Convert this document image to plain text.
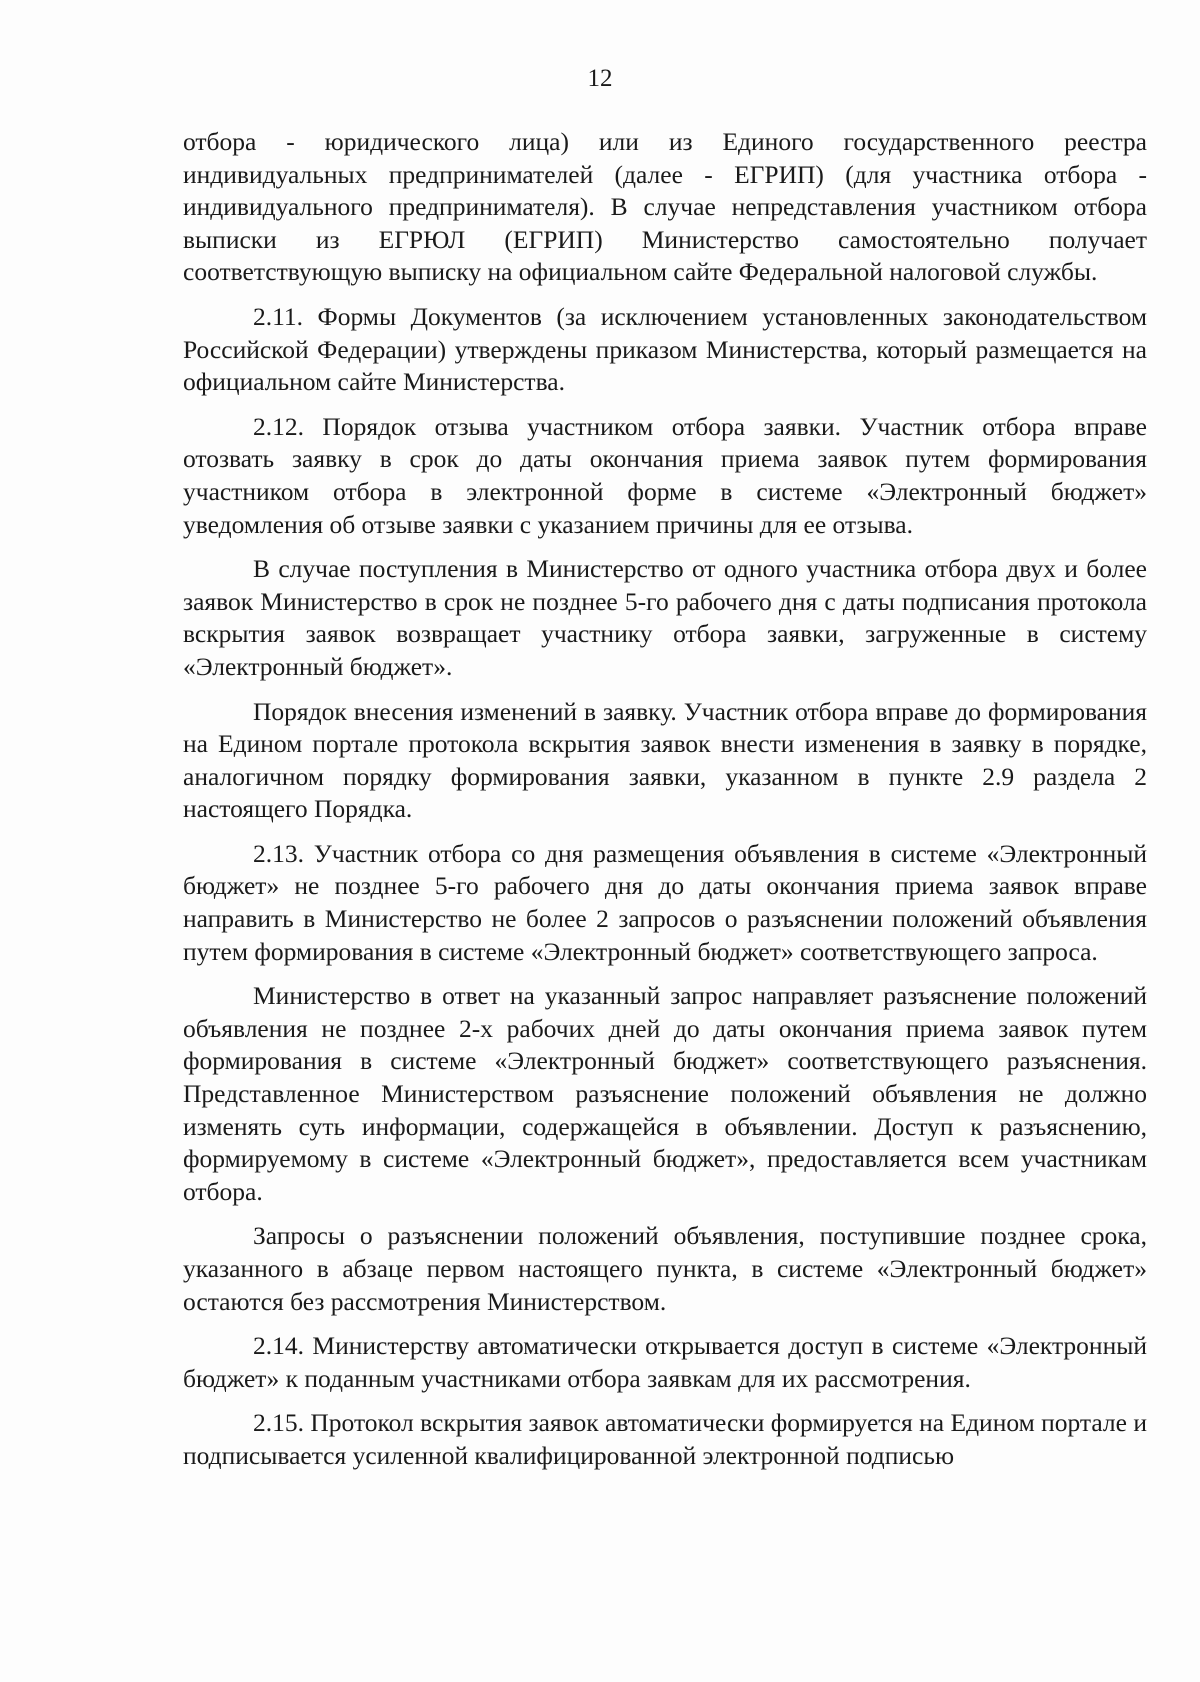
12

отбора - юридического лица) или из Единого государственного реестра индивидуальных предпринимателей (далее - ЕГРИП) (для участника отбора - индивидуального предпринимателя). В случае непредставления участником отбора выписки из ЕГРЮЛ (ЕГРИП) Министерство самостоятельно получает соответствующую выписку на официальном сайте Федеральной налоговой службы.

2.11. Формы Документов (за исключением установленных законодательством Российской Федерации) утверждены приказом Министерства, который размещается на официальном сайте Министерства.

2.12. Порядок отзыва участником отбора заявки. Участник отбора вправе отозвать заявку в срок до даты окончания приема заявок путем формирования участником отбора в электронной форме в системе «Электронный бюджет» уведомления об отзыве заявки с указанием причины для ее отзыва.

В случае поступления в Министерство от одного участника отбора двух и более заявок Министерство в срок не позднее 5-го рабочего дня с даты подписания протокола вскрытия заявок возвращает участнику отбора заявки, загруженные в систему «Электронный бюджет».

Порядок внесения изменений в заявку. Участник отбора вправе до формирования на Едином портале протокола вскрытия заявок внести изменения в заявку в порядке, аналогичном порядку формирования заявки, указанном в пункте 2.9 раздела 2 настоящего Порядка.

2.13. Участник отбора со дня размещения объявления в системе «Электронный бюджет» не позднее 5-го рабочего дня до даты окончания приема заявок вправе направить в Министерство не более 2 запросов о разъяснении положений объявления путем формирования в системе «Электронный бюджет» соответствующего запроса.

Министерство в ответ на указанный запрос направляет разъяснение положений объявления не позднее 2-х рабочих дней до даты окончания приема заявок путем формирования в системе «Электронный бюджет» соответствующего разъяснения. Представленное Министерством разъяснение положений объявления не должно изменять суть информации, содержащейся в объявлении. Доступ к разъяснению, формируемому в системе «Электронный бюджет», предоставляется всем участникам отбора.

Запросы о разъяснении положений объявления, поступившие позднее срока, указанного в абзаце первом настоящего пункта, в системе «Электронный бюджет» остаются без рассмотрения Министерством.

2.14. Министерству автоматически открывается доступ в системе «Электронный бюджет» к поданным участниками отбора заявкам для их рассмотрения.

2.15. Протокол вскрытия заявок автоматически формируется на Едином портале и подписывается усиленной квалифицированной электронной подписью
